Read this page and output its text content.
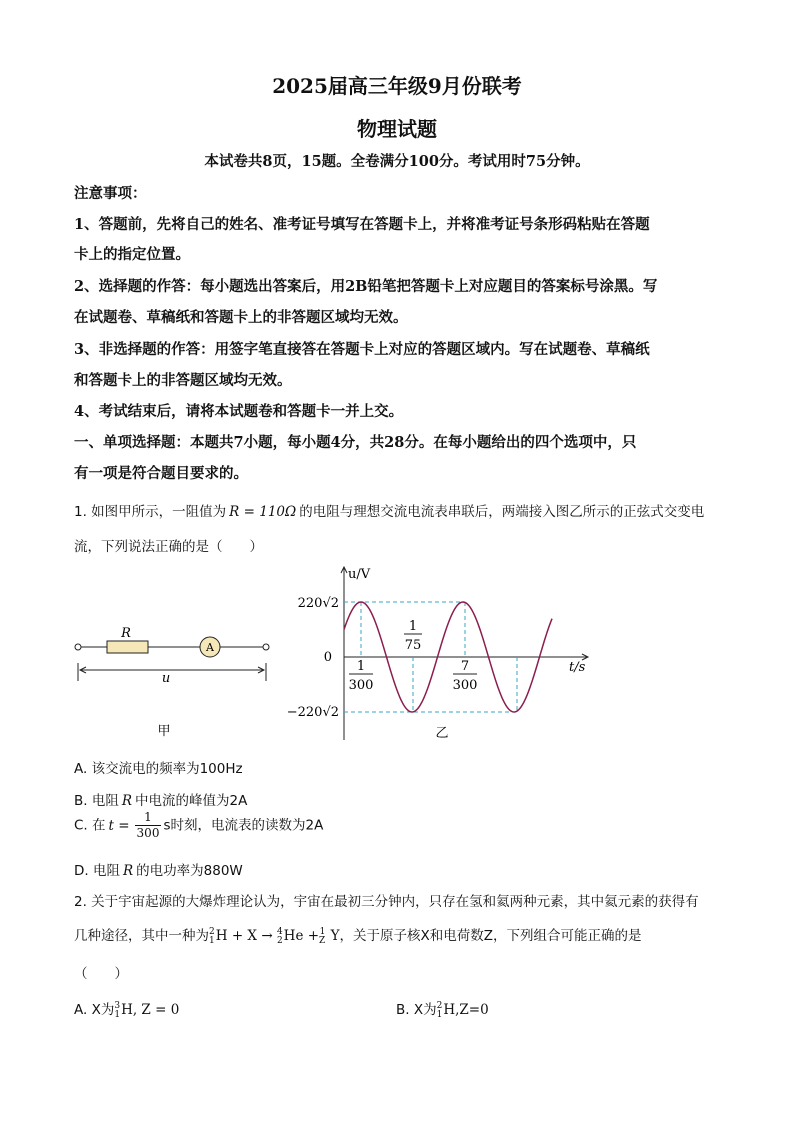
2025届高三年级9月份联考
物理试题
本试卷共8页，15题。全卷满分100分。考试用时75分钟。
注意事项：
1、答题前，先将自己的姓名、准考证号填写在答题卡上，并将准考证号条形码粘贴在答题
卡上的指定位置。
2、选择题的作答：每小题选出答案后，用2B铅笔把答题卡上对应题目的答案标号涂黑。写
在试题卷、草稿纸和答题卡上的非答题区域均无效。
3、非选择题的作答：用签字笔直接答在答题卡上对应的答题区域内。写在试题卷、草稿纸
和答题卡上的非答题区域均无效。
4、考试结束后，请将本试题卷和答题卡一并上交。
一、单项选择题：本题共7小题，每小题4分，共28分。在每小题给出的四个选项中，只
有一项是符合题目要求的。
1. 如图甲所示，一阻值为 R = 110Ω 的电阻与理想交流电流表串联后，两端接入图乙所示的正弦式交变电
流，下列说法正确的是（　　）
R
A
u
甲
u/V
t/s
0
220√2
−220√2
1
300
1
75
7
300
乙
A. 该交流电的频率为100Hz
B. 电阻 R 中电流的峰值为2A
C. 在 $t = \frac{1}{300}$ s时刻，电流表的读数为2A
D. 电阻 R 的电功率为880W
2. 关于宇宙起源的大爆炸理论认为，宇宙在最初三分钟内，只存在氢和氦两种元素，其中氦元素的获得有
几种途径，其中一种为 2
1 H + X → 4
2 He + 1
Z Y，关于原子核X和电荷数Z，下列组合可能正确的是
（　　）
A. X为 3
1 H, Z = 0	B. X为 2
1 H,Z=0
